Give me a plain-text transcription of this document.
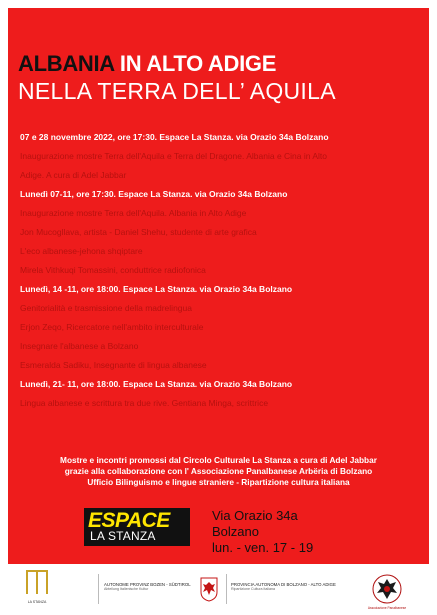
ALBANIA IN ALTO ADIGE
NELLA TERRA DELL’ AQUILA
07 e 28 novembre 2022, ore 17:30. Espace La Stanza. via Orazio 34a Bolzano
Inaugurazione mostre Terra dell'Aquila e Terra del Dragone. Albania e Cina in Alto
Adige. A cura di Adel Jabbar
Lunedì 07-11, ore 17:30. Espace La Stanza. via Orazio 34a Bolzano
Inaugurazione mostre Terra dell'Aquila. Albania in Alto Adige
Jon Mucogllava, artista - Daniel Shehu, studente di arte grafica
L'eco albanese-jehona shqiptare
Mirela Vithkuqi Tomassini, conduttrice radiofonica
Lunedì, 14 -11, ore 18:00. Espace La Stanza. via Orazio 34a Bolzano
Genitorialità e trasmissione della madrelingua
Erjon Zeqo, Ricercatore nell'ambito interculturale
Insegnare l'albanese a Bolzano
Esmeralda Sadiku, Insegnante di lingua albanese
Lunedì, 21- 11, ore 18:00. Espace La Stanza. via Orazio 34a Bolzano
Lingua albanese e scrittura tra due rive. Gentiana Minga, scrittrice
Mostre e incontri promossi dal Circolo Culturale La Stanza a cura di Adel Jabbar
grazie alla collaborazione con l' Associazione Panalbanese Arbëria di Bolzano
Ufficio Bilinguismo e lingue straniere - Ripartizione cultura italiana
ESPACE
LA STANZA
Via Orazio 34a
Bolzano
lun. - ven. 17 - 19
LA STANZA
AUTONOME PROVINZ BOZEN - SÜDTIROL
Abteilung Italienische Kultur
PROVINCIA AUTONOMA DI BOLZANO - ALTO ADIGE
Ripartizione Cultura italiana
Associazione Panalbanese
